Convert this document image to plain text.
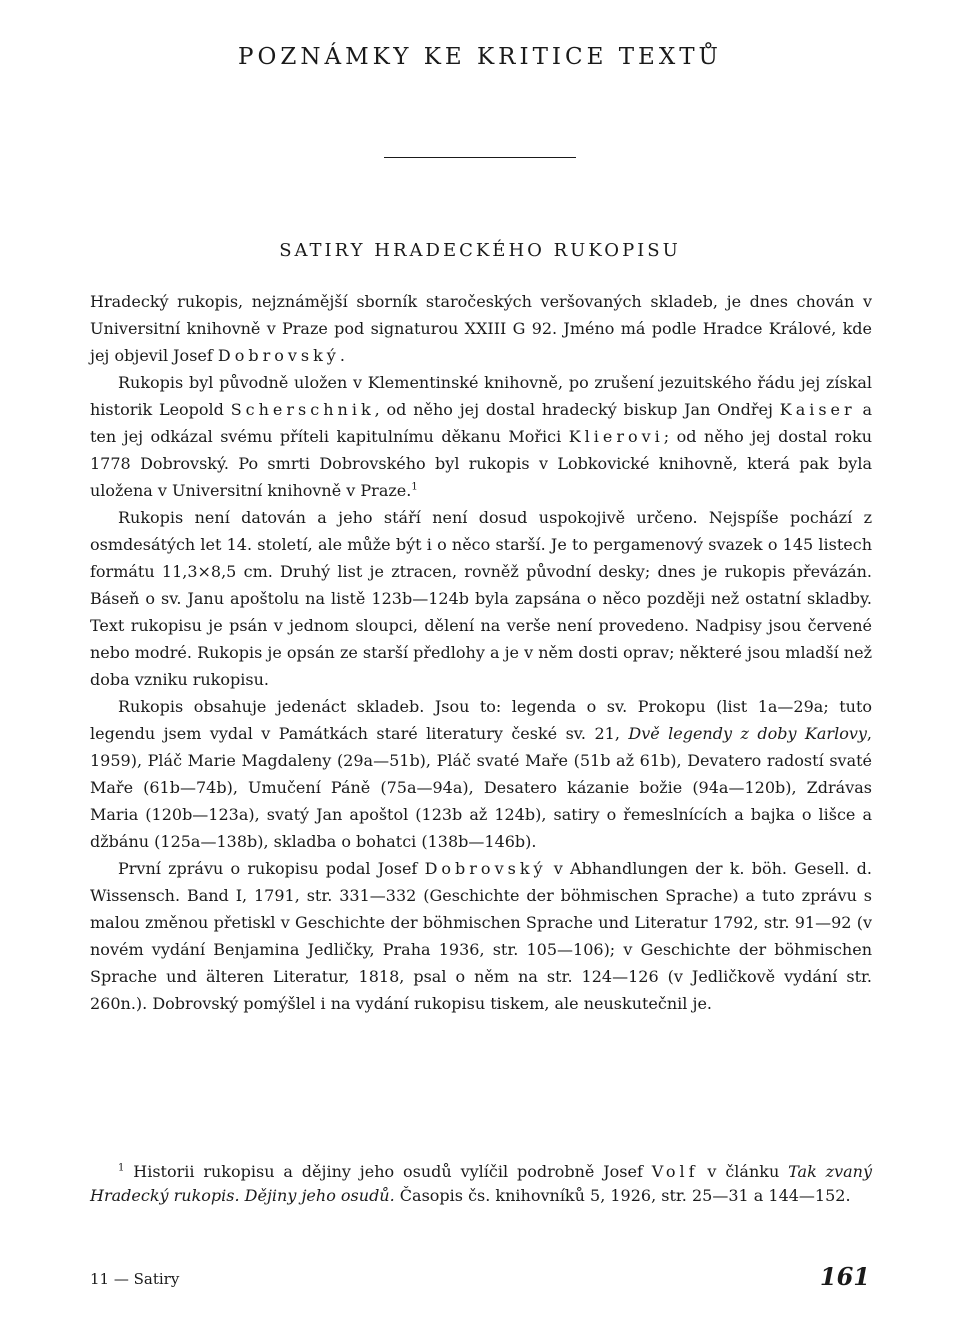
POZNÁMKY KE KRITICE TEXTŮ
SATIRY HRADECKÉHO RUKOPISU

Hradecký rukopis, nejznámější sborník staročeských veršovaných skladeb, je dnes chován v Universitní knihovně v Praze pod signaturou XXIII G 92. Jméno má podle Hradce Králové, kde jej objevil Josef Dobrovský.

Rukopis byl původně uložen v Klementinské knihovně, po zrušení jezuitského řádu jej získal historik Leopold Scherschnik, od něho jej dostal hradecký biskup Jan Ondřej Kaiser a ten jej odkázal svému příteli kapitulnímu děkanu Mořici Klierovi; od něho jej dostal roku 1778 Dobrovský. Po smrti Dobrovského byl rukopis v Lobkovické knihovně, která pak byla uložena v Universitní knihovně v Praze.$^1$

Rukopis není datován a jeho stáří není dosud uspokojivě určeno. Nejspíše pochází z osmdesátých let 14. století, ale může být i o něco starší. Je to pergamenový svazek o 145 listech formátu 11,3×8,5 cm. Druhý list je ztracen, rovněž původní desky; dnes je rukopis převázán. Báseň o sv. Janu apoštolu na listě 123b—124b byla zapsána o něco později než ostatní skladby. Text rukopisu je psán v jednom sloupci, dělení na verše není provedeno. Nadpisy jsou červené nebo modré. Rukopis je opsán ze starší předlohy a je v něm dosti oprav; některé jsou mladší než doba vzniku rukopisu.

Rukopis obsahuje jedenáct skladeb. Jsou to: legenda o sv. Prokopu (list 1a—29a; tuto legendu jsem vydal v Památkách staré literatury české sv. 21, Dvě legendy z doby Karlovy, 1959), Pláč Marie Magdaleny (29a—51b), Pláč svaté Maře (51b až 61b), Devatero radostí svaté Maře (61b—74b), Umučení Páně (75a—94a), Desatero kázanie božie (94a—120b), Zdrávas Maria (120b—123a), svatý Jan apoštol (123b až 124b), satiry o řemeslnících a bajka o lišce a džbánu (125a—138b), skladba o bohatci (138b—146b).

První zprávu o rukopisu podal Josef Dobrovský v Abhandlungen der k. böh. Gesell. d. Wissensch. Band I, 1791, str. 331—332 (Geschichte der böhmischen Sprache) a tuto zprávu s malou změnou přetiskl v Geschichte der böhmischen Sprache und Literatur 1792, str. 91—92 (v novém vydání Benjamina Jedličky, Praha 1936, str. 105—106); v Geschichte der böhmischen Sprache und älteren Literatur, 1818, psal o něm na str. 124—126 (v Jedličkově vydání str. 260n.). Dobrovský pomýšlel i na vydání rukopisu tiskem, ale neuskutečnil je.

$^1$ Historii rukopisu a dějiny jeho osudů vylíčil podrobně Josef Volf v článku Tak zvaný Hradecký rukopis. Dějiny jeho osudů. Časopis čs. knihovníků 5, 1926, str. 25—31 a 144—152.

11 — Satiry	161
